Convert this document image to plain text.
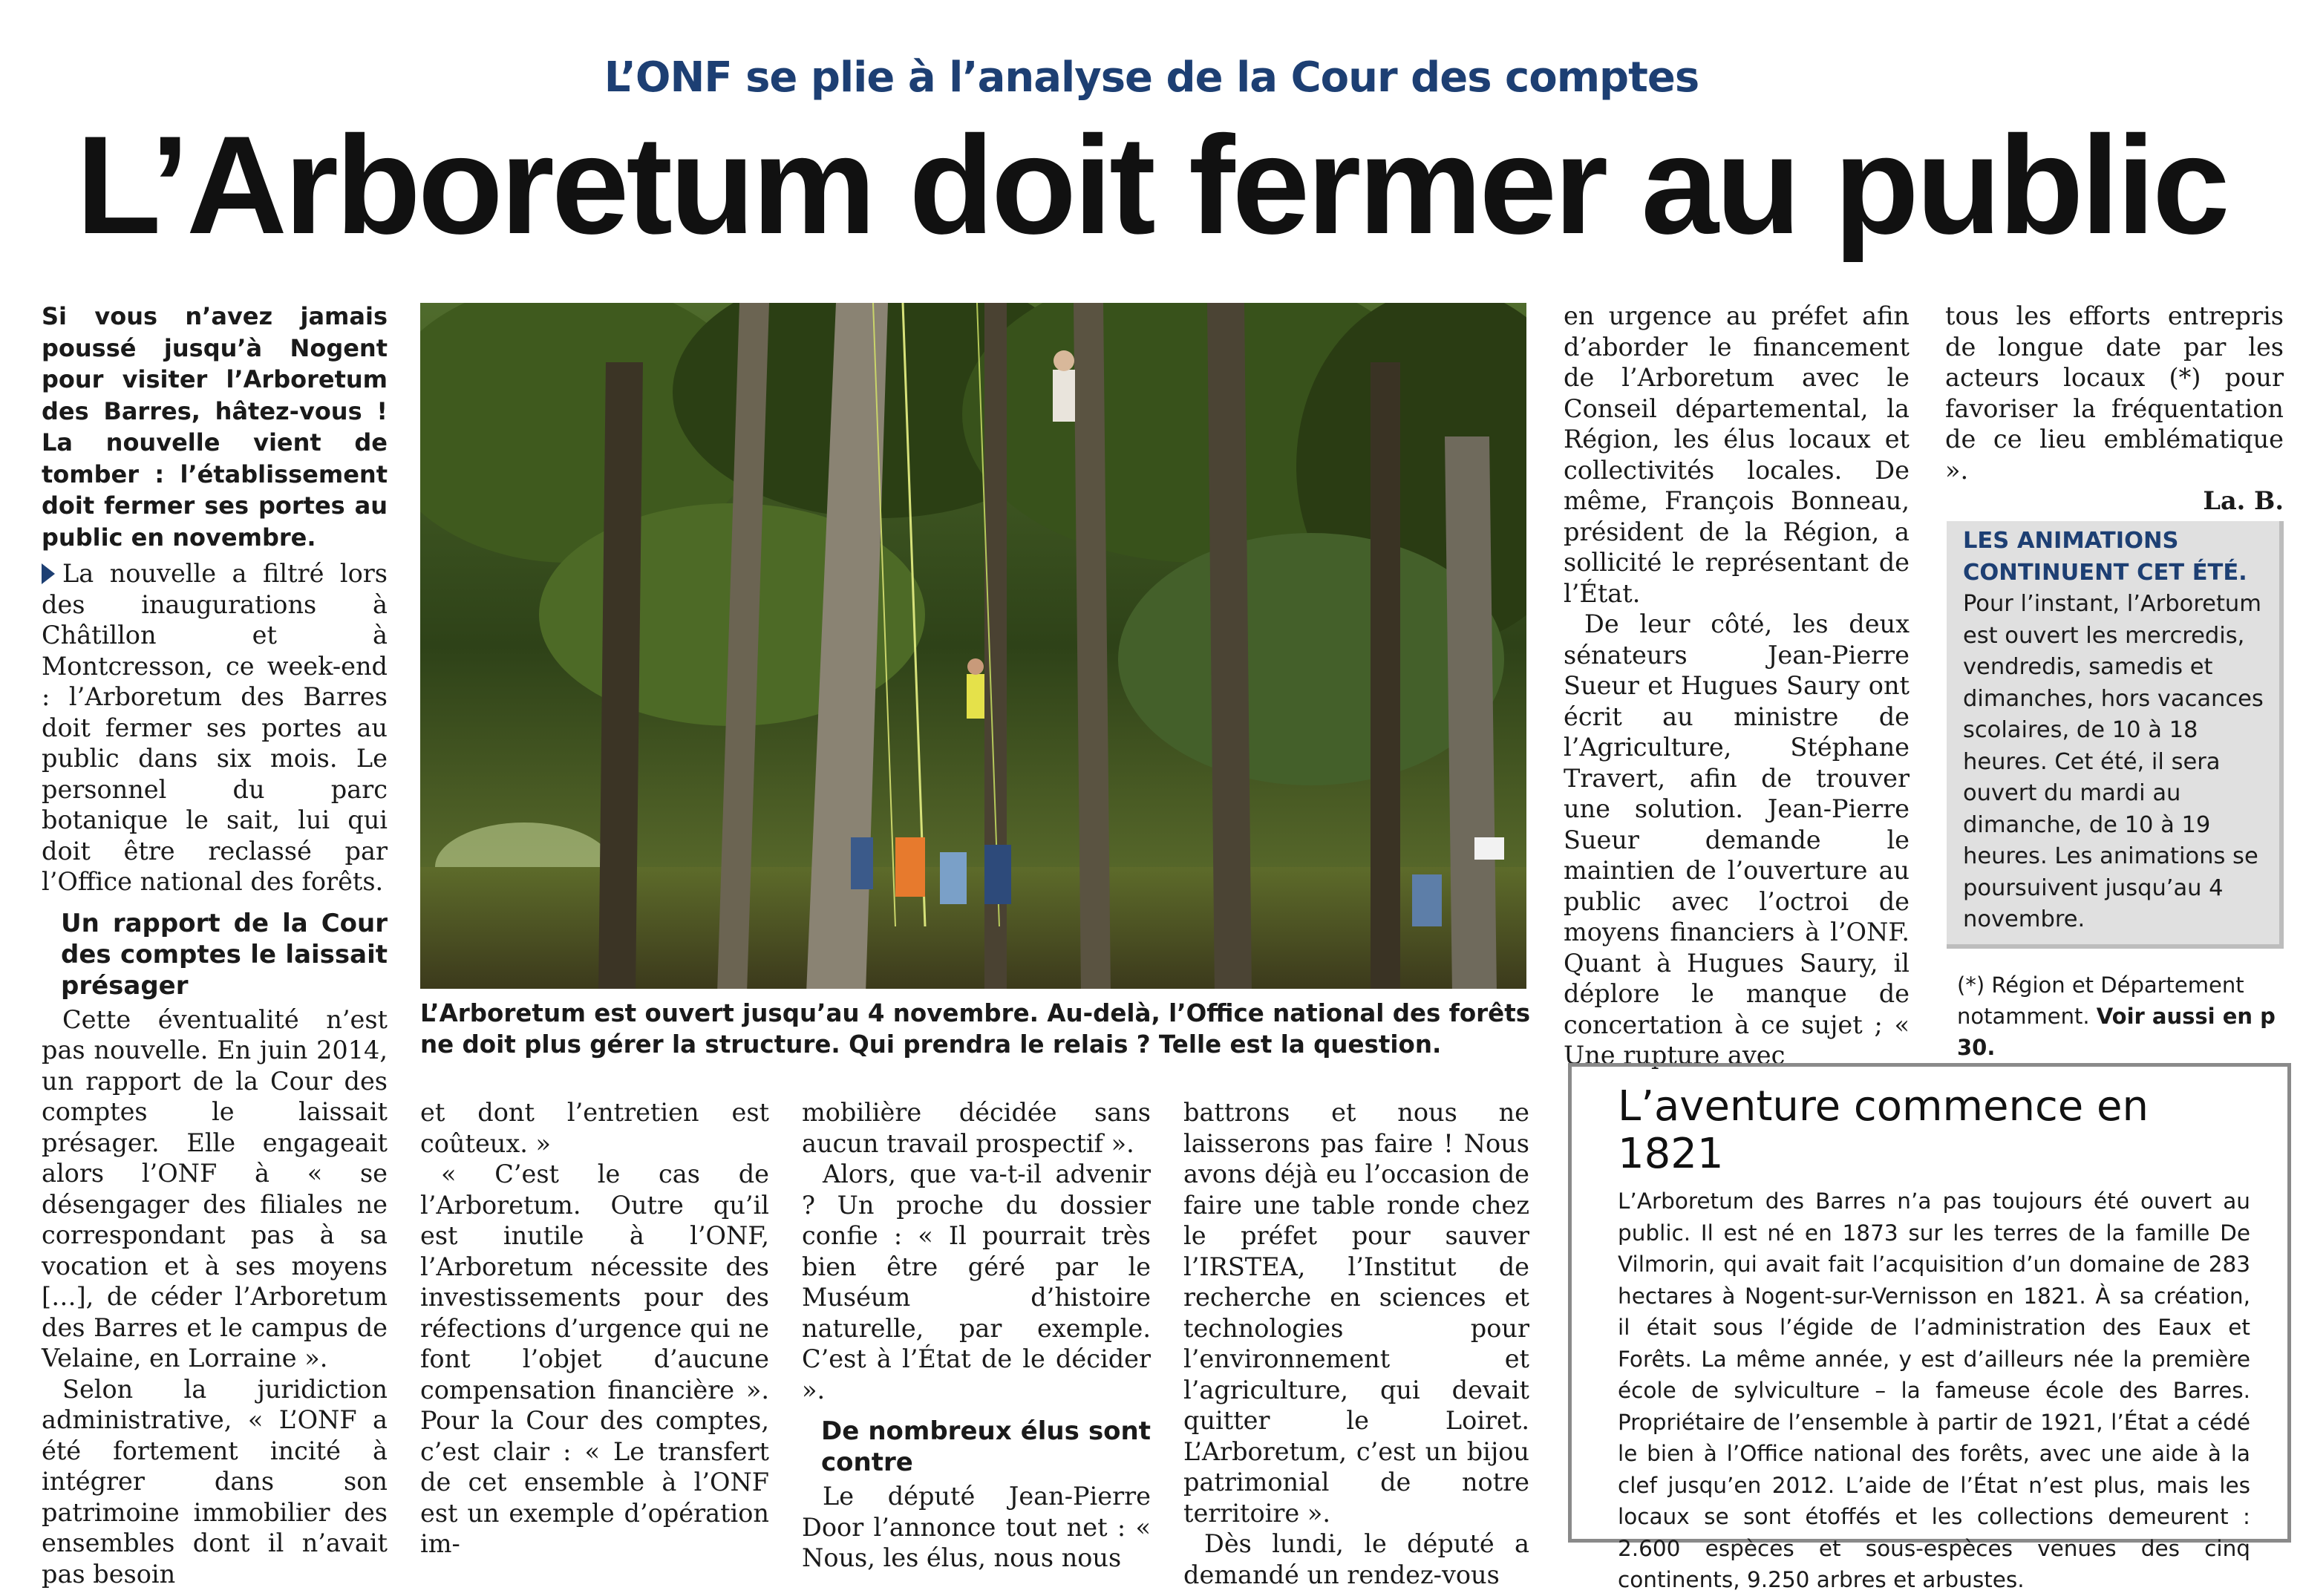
L’ONF se plie à l’analyse de la Cour des comptes
L’Arboretum doit fermer au public
Si vous n’avez jamais poussé jusqu’à Nogent pour visiter l’Arboretum des Barres, hâtez-vous ! La nouvelle vient de tomber : l’établissement doit fermer ses portes au public en novembre.

La nouvelle a filtré lors des inaugurations à Châtillon et à Montcresson, ce week-end : l’Arboretum des Barres doit fermer ses portes au public dans six mois. Le personnel du parc botanique le sait, lui qui doit être reclassé par l’Office national des forêts.

Un rapport de la Cour des comptes le laissait présager

Cette éventualité n’est pas nouvelle. En juin 2014, un rapport de la Cour des comptes le laissait présager. Elle engageait alors l’ONF à « se désengager des filiales ne correspondant pas à sa vocation et à ses moyens […], de céder l’Arboretum des Barres et le campus de Velaine, en Lorraine ».

Selon la juridiction administrative, « L’ONF a été fortement incité à intégrer dans son patrimoine immobilier des ensembles dont il n’avait pas besoin

L’Arboretum est ouvert jusqu’au 4 novembre. Au-delà, l’Office national des forêts ne doit plus gérer la structure. Qui prendra le relais ? Telle est la question.

et dont l’entretien est coûteux. »

« C’est le cas de l’Arboretum. Outre qu’il est inutile à l’ONF, l’Arboretum nécessite des investissements pour des réfections d’urgence qui ne font l’objet d’aucune compensation financière ». Pour la Cour des comptes, c’est clair : « Le transfert de cet ensemble à l’ONF est un exemple d’opération im-

mobilière décidée sans aucun travail prospectif ».

Alors, que va-t-il advenir ? Un proche du dossier confie : « Il pourrait très bien être géré par le Muséum d’histoire naturelle, par exemple. C’est à l’État de le décider ».

De nombreux élus sont contre

Le député Jean-Pierre Door l’annonce tout net : « Nous, les élus, nous nous

battrons et nous ne laisserons pas faire ! Nous avons déjà eu l’occasion de faire une table ronde chez le préfet pour sauver l’IRSTEA, l’Institut de recherche en sciences et technologies pour l’environnement et l’agriculture, qui devait quitter le Loiret. L’Arboretum, c’est un bijou patrimonial de notre territoire ».

Dès lundi, le député a demandé un rendez-vous

en urgence au préfet afin d’aborder le financement de l’Arboretum avec le Conseil départemental, la Région, les élus locaux et collectivités locales. De même, François Bonneau, président de la Région, a sollicité le représentant de l’État.

De leur côté, les deux sénateurs Jean-Pierre Sueur et Hugues Saury ont écrit au ministre de l’Agriculture, Stéphane Travert, afin de trouver une solution. Jean-Pierre Sueur demande le maintien de l’ouverture au public avec l’octroi de moyens financiers à l’ONF. Quant à Hugues Saury, il déplore le manque de concertation à ce sujet ; « Une rupture avec

tous les efforts entrepris de longue date par les acteurs locaux (*) pour favoriser la fréquentation de ce lieu emblématique ».

La. B.
LES ANIMATIONS CONTINUENT CET ÉTÉ. Pour l’instant, l’Arboretum est ouvert les mercredis, vendredis, samedis et dimanches, hors vacances scolaires, de 10 à 18 heures. Cet été, il sera ouvert du mardi au dimanche, de 10 à 19 heures. Les animations se poursuivent jusqu’au 4 novembre.
(*) Région et Département notamment. Voir aussi en p 30.
L’aventure commence en 1821
L’Arboretum des Barres n’a pas toujours été ouvert au public. Il est né en 1873 sur les terres de la famille De Vilmorin, qui avait fait l’acquisition d’un domaine de 283 hectares à Nogent-sur-Vernisson en 1821. À sa création, il était sous l’égide de l’administration des Eaux et Forêts. La même année, y est d’ailleurs née la première école de sylviculture – la fameuse école des Barres. Propriétaire de l’ensemble à partir de 1921, l’État a cédé le bien à l’Office national des forêts, avec une aide à la clef jusqu’en 2012. L’aide de l’État n’est plus, mais les locaux se sont étoffés et les collections demeurent : 2.600 espèces et sous-espèces venues des cinq continents, 9.250 arbres et arbustes.
